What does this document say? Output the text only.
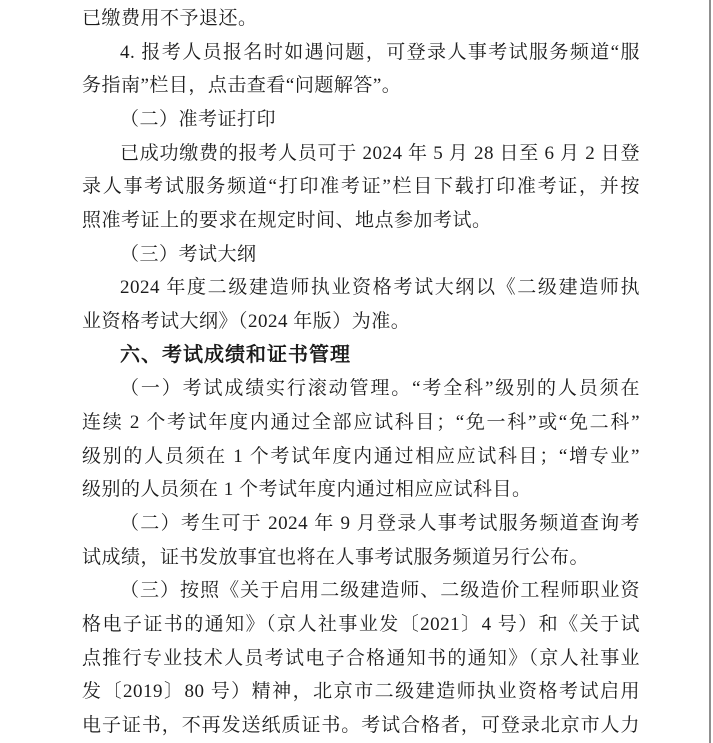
已缴费用不予退还。
4. 报考人员报名时如遇问题，可登录人事考试服务频道“服
务指南”栏目，点击查看“问题解答”。
（二）准考证打印
已成功缴费的报考人员可于 2024 年 5 月 28 日至 6 月 2 日登
录人事考试服务频道“打印准考证”栏目下载打印准考证，并按
照准考证上的要求在规定时间、地点参加考试。
（三）考试大纲
2024 年度二级建造师执业资格考试大纲以《二级建造师执
业资格考试大纲》（2024 年版）为准。
六、考试成绩和证书管理
（一）考试成绩实行滚动管理。“考全科”级别的人员须在
连续 2 个考试年度内通过全部应试科目；“免一科”或“免二科”
级别的人员须在 1 个考试年度内通过相应应试科目；“增专业”
级别的人员须在 1 个考试年度内通过相应应试科目。
（二）考生可于 2024 年 9 月登录人事考试服务频道查询考
试成绩，证书发放事宜也将在人事考试服务频道另行公布。
（三）按照《关于启用二级建造师、二级造价工程师职业资
格电子证书的通知》（京人社事业发〔2021〕4 号）和《关于试
点推行专业技术人员考试电子合格通知书的通知》（京人社事业
发〔2019〕80 号）精神，北京市二级建造师执业资格考试启用
电子证书，不再发送纸质证书。考试合格者，可登录北京市人力
